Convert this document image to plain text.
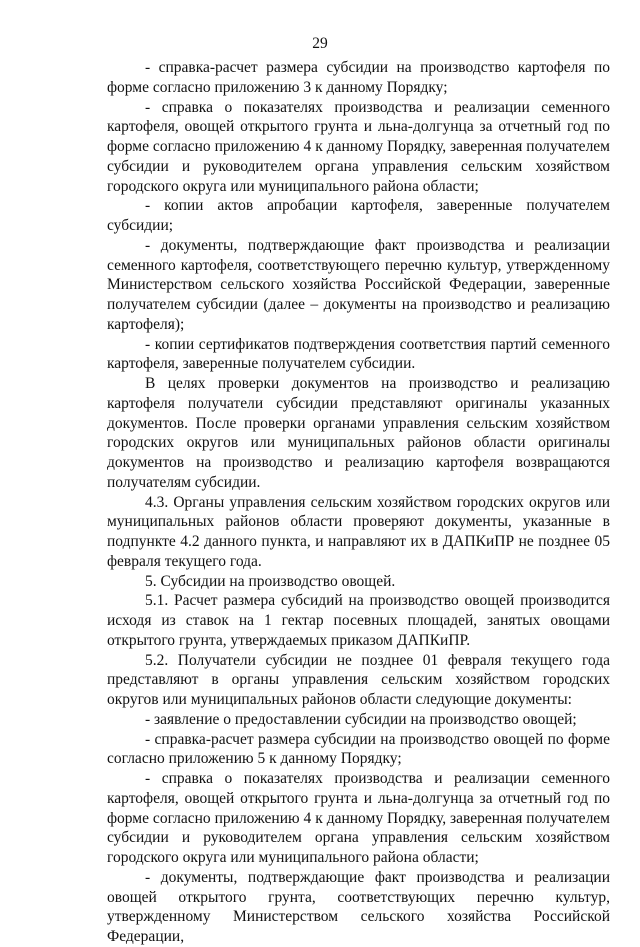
29

- справка-расчет размера субсидии на производство картофеля по форме согласно приложению 3 к данному Порядку;

- справка о показателях производства и реализации семенного картофеля, овощей открытого грунта и льна-долгунца за отчетный год по форме согласно приложению 4 к данному Порядку, заверенная получателем субсидии и руководителем органа управления сельским хозяйством городского округа или муниципального района области;

- копии актов апробации картофеля, заверенные получателем субсидии;

- документы, подтверждающие факт производства и реализации семенного картофеля, соответствующего перечню культур, утвержденному Министерством сельского хозяйства Российской Федерации, заверенные получателем субсидии (далее – документы на производство и реализацию картофеля);

- копии сертификатов подтверждения соответствия партий семенного картофеля, заверенные получателем субсидии.

В целях проверки документов на производство и реализацию картофеля получатели субсидии представляют оригиналы указанных документов. После проверки органами управления сельским хозяйством городских округов или муниципальных районов области оригиналы документов на производство и реализацию картофеля возвращаются получателям субсидии.

4.3. Органы управления сельским хозяйством городских округов или муниципальных районов области проверяют документы, указанные в подпункте 4.2 данного пункта, и направляют их в ДАПКиПР не позднее 05 февраля текущего года.

5. Субсидии на производство овощей.

5.1. Расчет размера субсидий на производство овощей производится исходя из ставок на 1 гектар посевных площадей, занятых овощами открытого грунта, утверждаемых приказом ДАПКиПР.

5.2. Получатели субсидии не позднее 01 февраля текущего года представляют в органы управления сельским хозяйством городских округов или муниципальных районов области следующие документы:

- заявление о предоставлении субсидии на производство овощей;

- справка-расчет размера субсидии на производство овощей по форме согласно приложению 5 к данному Порядку;

- справка о показателях производства и реализации семенного картофеля, овощей открытого грунта и льна-долгунца за отчетный год по форме согласно приложению 4 к данному Порядку, заверенная получателем субсидии и руководителем органа управления сельским хозяйством городского округа или муниципального района области;

- документы, подтверждающие факт производства и реализации овощей открытого грунта, соответствующих перечню культур, утвержденному Министерством сельского хозяйства Российской Федерации,
